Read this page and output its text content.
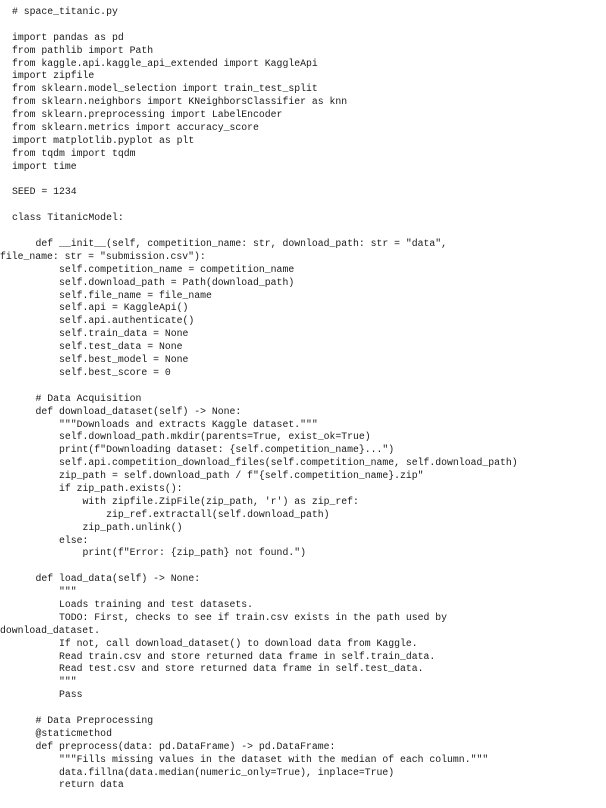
# space_titanic.py
import pandas as pd
from pathlib import Path
from kaggle.api.kaggle_api_extended import KaggleApi
import zipfile
from sklearn.model_selection import train_test_split
from sklearn.neighbors import KNeighborsClassifier as knn
from sklearn.preprocessing import LabelEncoder
from sklearn.metrics import accuracy_score
import matplotlib.pyplot as plt
from tqdm import tqdm
import time
SEED = 1234
class TitanicModel:
def __init__(self, competition_name: str, download_path: str = "data",
file_name: str = "submission.csv"):
self.competition_name = competition_name
self.download_path = Path(download_path)
self.file_name = file_name
self.api = KaggleApi()
self.api.authenticate()
self.train_data = None
self.test_data = None
self.best_model = None
self.best_score = 0
# Data Acquisition
def download_dataset(self) -> None:
"""Downloads and extracts Kaggle dataset."""
self.download_path.mkdir(parents=True, exist_ok=True)
print(f"Downloading dataset: {self.competition_name}...")
self.api.competition_download_files(self.competition_name, self.download_path)
zip_path = self.download_path / f"{self.competition_name}.zip"
if zip_path.exists():
with zipfile.ZipFile(zip_path, 'r') as zip_ref:
zip_ref.extractall(self.download_path)
zip_path.unlink()
else:
print(f"Error: {zip_path} not found.")
def load_data(self) -> None:
"""
Loads training and test datasets.
TODO: First, checks to see if train.csv exists in the path used by
download_dataset.
If not, call download_dataset() to download data from Kaggle.
Read train.csv and store returned data frame in self.train_data.
Read test.csv and store returned data frame in self.test_data.
"""
Pass
# Data Preprocessing
@staticmethod
def preprocess(data: pd.DataFrame) -> pd.DataFrame:
"""Fills missing values in the dataset with the median of each column."""
data.fillna(data.median(numeric_only=True), inplace=True)
return data
